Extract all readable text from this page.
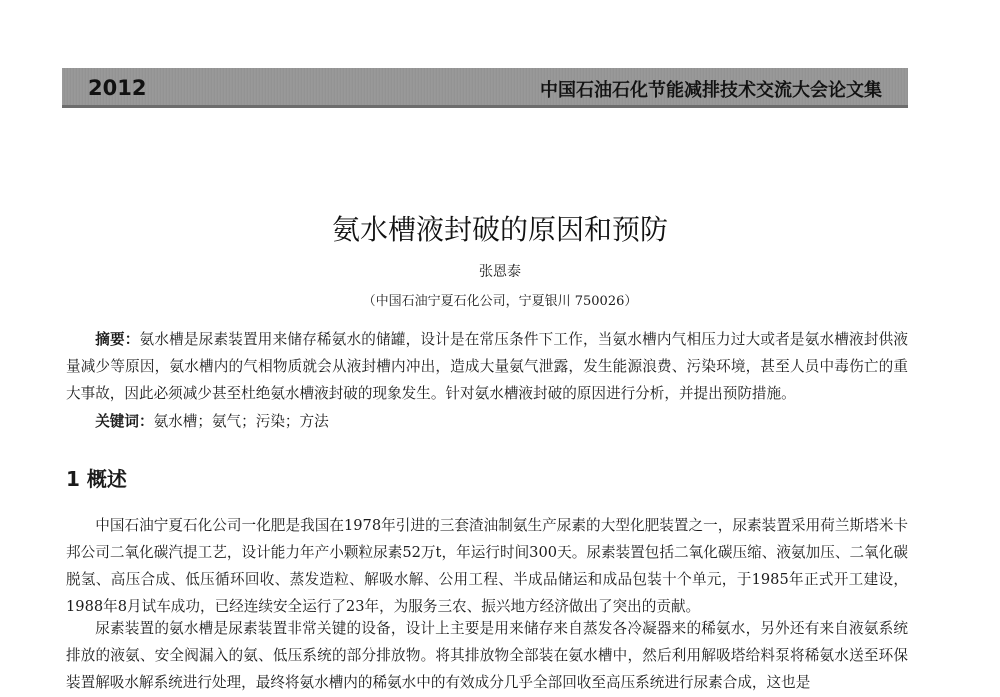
2012	中国石油石化节能减排技术交流大会论文集
氨水槽液封破的原因和预防
张恩泰
（中国石油宁夏石化公司，宁夏银川 750026）

摘要：氨水槽是尿素装置用来储存稀氨水的储罐，设计是在常压条件下工作，当氨水槽内气相压力过大或者是氨水槽液封供液量减少等原因，氨水槽内的气相物质就会从液封槽内冲出，造成大量氨气泄露，发生能源浪费、污染环境，甚至人员中毒伤亡的重大事故，因此必须减少甚至杜绝氨水槽液封破的现象发生。针对氨水槽液封破的原因进行分析，并提出预防措施。

关键词：氨水槽；氨气；污染；方法

1 概述

中国石油宁夏石化公司一化肥是我国在1978年引进的三套渣油制氨生产尿素的大型化肥装置之一，尿素装置采用荷兰斯塔米卡邦公司二氧化碳汽提工艺，设计能力年产小颗粒尿素52万t，年运行时间300天。尿素装置包括二氧化碳压缩、液氨加压、二氧化碳脱氢、高压合成、低压循环回收、蒸发造粒、解吸水解、公用工程、半成品储运和成品包装十个单元，于1985年正式开工建设，1988年8月试车成功，已经连续安全运行了23年，为服务三农、振兴地方经济做出了突出的贡献。

尿素装置的氨水槽是尿素装置非常关键的设备，设计上主要是用来储存来自蒸发各冷凝器来的稀氨水，另外还有来自液氨系统排放的液氨、安全阀漏入的氨、低压系统的部分排放物。将其排放物全部装在氨水槽中，然后利用解吸塔给料泵将稀氨水送至环保装置解吸水解系统进行处理，最终将氨水槽内的稀氨水中的有效成分几乎全部回收至高压系统进行尿素合成，这也是
